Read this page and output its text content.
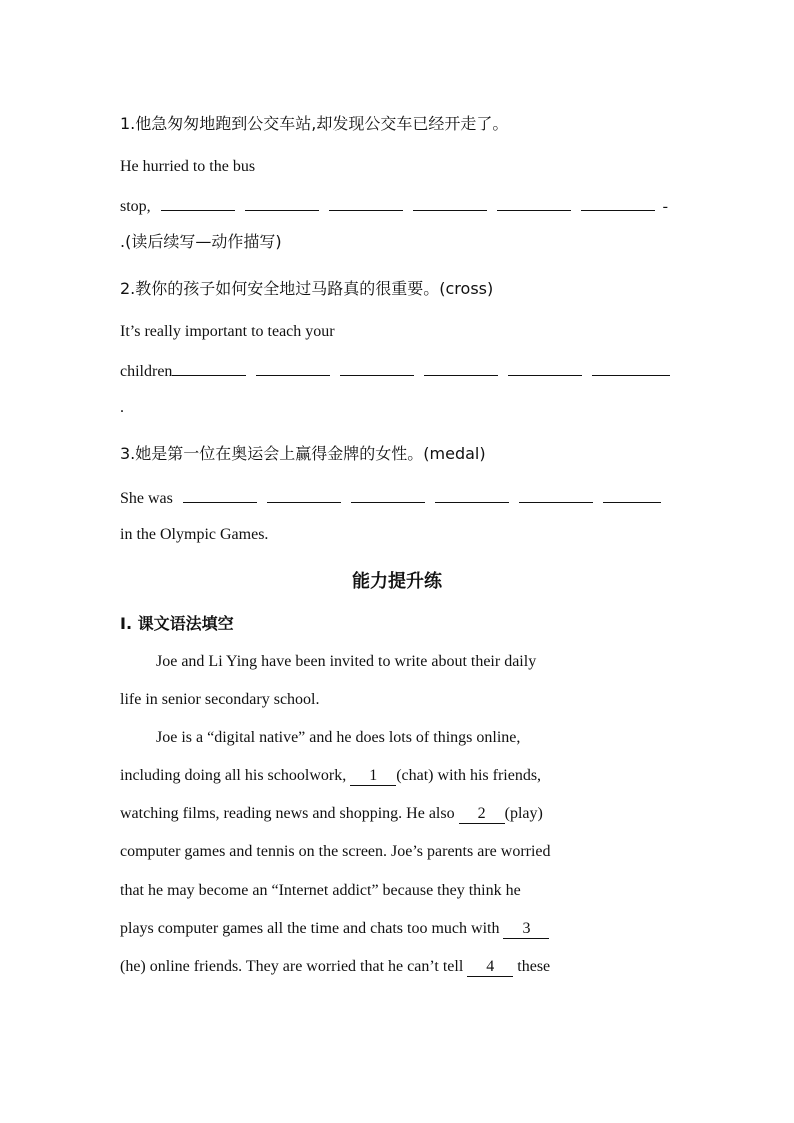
1.他急匆匆地跑到公交车站,却发现公交车已经开走了。
He hurried to the bus
stop,	-
.(读后续写—动作描写)
2.教你的孩子如何安全地过马路真的很重要。(cross)
It’s really important to teach your
children
.
3.她是第一位在奥运会上赢得金牌的女性。(medal)
She was
in the Olympic Games.
能力提升练
Ⅰ. 课文语法填空
Joe and Li Ying have been invited to write about their daily
life in senior secondary school.
Joe is a “digital native” and he does lots of things online,
including doing all his schoolwork, 1 (chat) with his friends,
watching films, reading news and shopping. He also 2 (play)
computer games and tennis on the screen. Joe’s parents are worried
that he may become an “Internet addict” because they think he
plays computer games all the time and chats too much with 3
(he) online friends. They are worried that he can’t tell 4 these
